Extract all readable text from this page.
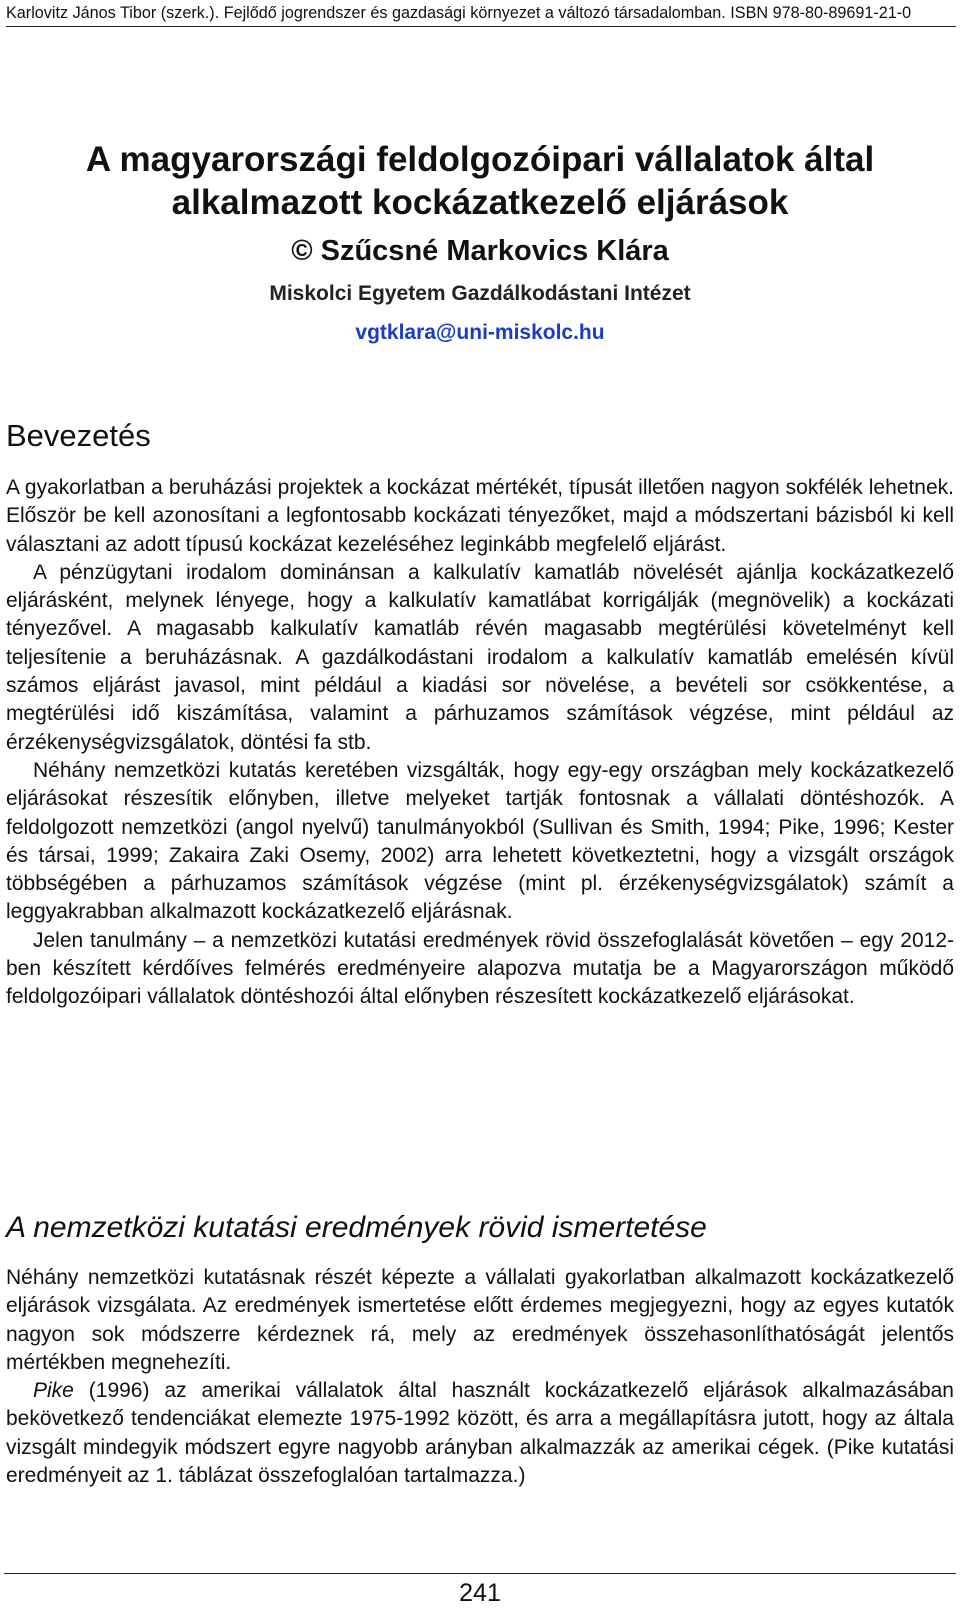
Karlovitz János Tibor (szerk.). Fejlődő jogrendszer és gazdasági környezet a változó társadalomban. ISBN 978-80-89691-21-0
A magyarországi feldolgozóipari vállalatok által
alkalmazott kockázatkezelő eljárások
© Szűcsné Markovics Klára
Miskolci Egyetem Gazdálkodástani Intézet
vgtklara@uni-miskolc.hu
Bevezetés

A gyakorlatban a beruházási projektek a kockázat mértékét, típusát illetően nagyon sokfélék lehetnek. Először be kell azonosítani a legfontosabb kockázati tényezőket, majd a módszertani bázisból ki kell választani az adott típusú kockázat kezeléséhez leginkább megfelelő eljárást.

A pénzügytani irodalom dominánsan a kalkulatív kamatláb növelését ajánlja kockázatkezelő eljárásként, melynek lényege, hogy a kalkulatív kamatlábat korrigálják (megnövelik) a kockázati tényezővel. A magasabb kalkulatív kamatláb révén magasabb megtérülési követelményt kell teljesítenie a beruházásnak. A gazdálkodástani irodalom a kalkulatív kamatláb emelésén kívül számos eljárást javasol, mint például a kiadási sor növelése, a bevételi sor csökkentése, a megtérülési idő kiszámítása, valamint a párhuzamos számítások végzése, mint például az érzékenységvizsgálatok, döntési fa stb.

Néhány nemzetközi kutatás keretében vizsgálták, hogy egy-egy országban mely kockázatkezelő eljárásokat részesítik előnyben, illetve melyeket tartják fontosnak a vállalati döntéshozók. A feldolgozott nemzetközi (angol nyelvű) tanulmányokból (Sullivan és Smith, 1994; Pike, 1996; Kester és társai, 1999; Zakaira Zaki Osemy, 2002) arra lehetett következtetni, hogy a vizsgált országok többségében a párhuzamos számítások végzése (mint pl. érzékenységvizsgálatok) számít a leggyakrabban alkalmazott kockázatkezelő eljárásnak.

Jelen tanulmány – a nemzetközi kutatási eredmények rövid összefoglalását követően – egy 2012-ben készített kérdőíves felmérés eredményeire alapozva mutatja be a Magyarországon működő feldolgozóipari vállalatok döntéshozói által előnyben részesített kockázatkezelő eljárásokat.

A nemzetközi kutatási eredmények rövid ismertetése

Néhány nemzetközi kutatásnak részét képezte a vállalati gyakorlatban alkalmazott kockázatkezelő eljárások vizsgálata. Az eredmények ismertetése előtt érdemes megjegyezni, hogy az egyes kutatók nagyon sok módszerre kérdeznek rá, mely az eredmények összehasonlíthatóságát jelentős mértékben megnehezíti.

Pike (1996) az amerikai vállalatok által használt kockázatkezelő eljárások alkalmazásában bekövetkező tendenciákat elemezte 1975-1992 között, és arra a megállapításra jutott, hogy az általa vizsgált mindegyik módszert egyre nagyobb arányban alkalmazzák az amerikai cégek. (Pike kutatási eredményeit az 1. táblázat összefoglalóan tartalmazza.)

241
